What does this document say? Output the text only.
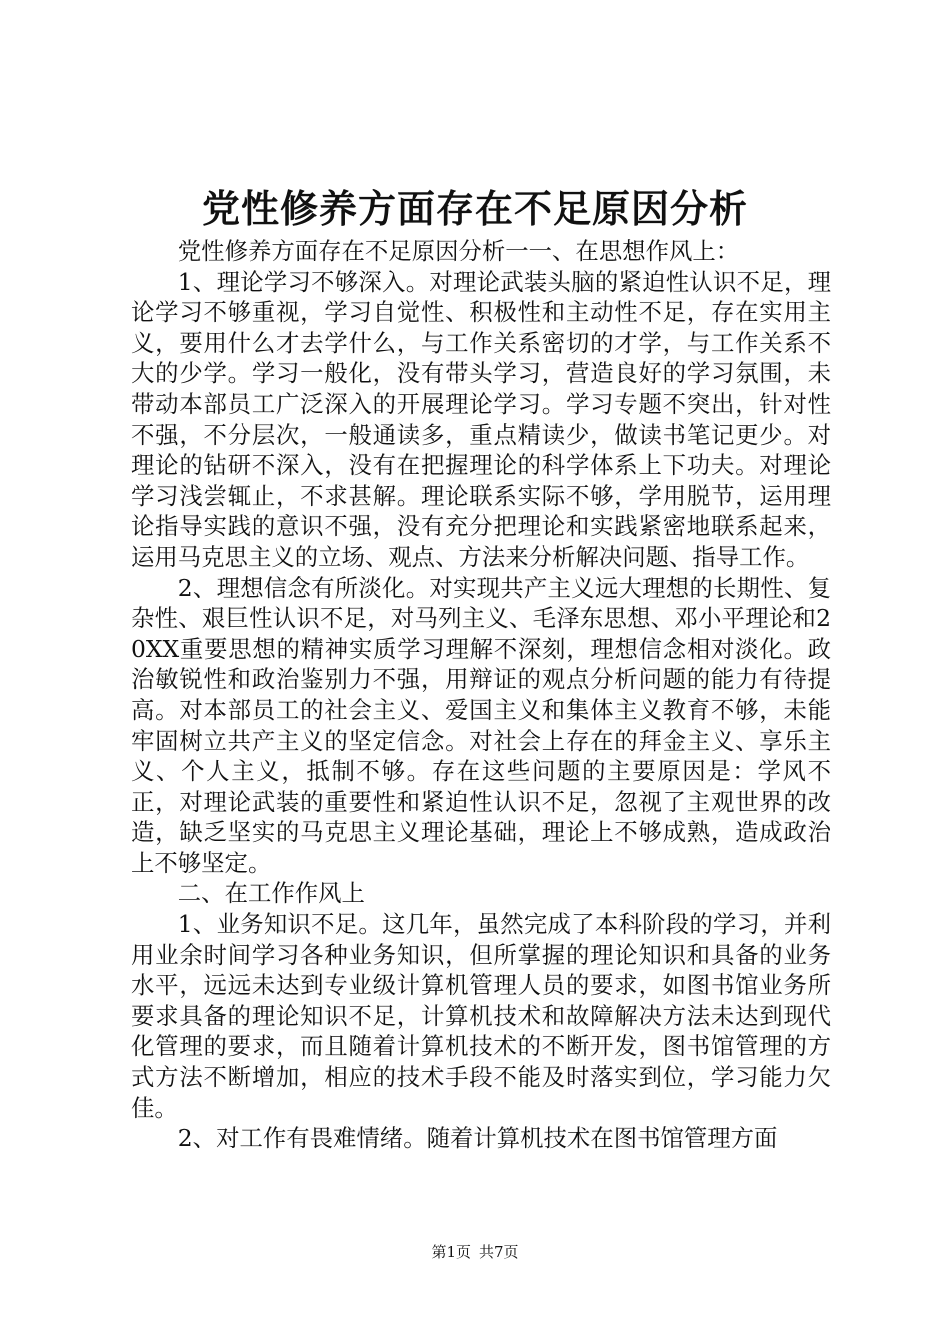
党性修养方面存在不足原因分析

党性修养方面存在不足原因分析一一、在思想作风上：

1、理论学习不够深入。对理论武装头脑的紧迫性认识不足，理论学习不够重视，学习自觉性、积极性和主动性不足，存在实用主义，要用什么才去学什么，与工作关系密切的才学，与工作关系不大的少学。学习一般化，没有带头学习，营造良好的学习氛围，未带动本部员工广泛深入的开展理论学习。学习专题不突出，针对性不强，不分层次，一般通读多，重点精读少，做读书笔记更少。对理论的钻研不深入，没有在把握理论的科学体系上下功夫。对理论学习浅尝辄止，不求甚解。理论联系实际不够，学用脱节，运用理论指导实践的意识不强，没有充分把理论和实践紧密地联系起来，运用马克思主义的立场、观点、方法来分析解决问题、指导工作。

2、理想信念有所淡化。对实现共产主义远大理想的长期性、复杂性、艰巨性认识不足，对马列主义、毛泽东思想、邓小平理论和20XX重要思想的精神实质学习理解不深刻，理想信念相对淡化。政治敏锐性和政治鉴别力不强，用辩证的观点分析问题的能力有待提高。对本部员工的社会主义、爱国主义和集体主义教育不够，未能牢固树立共产主义的坚定信念。对社会上存在的拜金主义、享乐主义、个人主义，抵制不够。存在这些问题的主要原因是：学风不正，对理论武装的重要性和紧迫性认识不足，忽视了主观世界的改造，缺乏坚实的马克思主义理论基础，理论上不够成熟，造成政治上不够坚定。

二、在工作作风上

1、业务知识不足。这几年，虽然完成了本科阶段的学习，并利用业余时间学习各种业务知识，但所掌握的理论知识和具备的业务水平，远远未达到专业级计算机管理人员的要求，如图书馆业务所要求具备的理论知识不足，计算机技术和故障解决方法未达到现代化管理的要求，而且随着计算机技术的不断开发，图书馆管理的方式方法不断增加，相应的技术手段不能及时落实到位，学习能力欠佳。

2、对工作有畏难情绪。随着计算机技术在图书馆管理方面

第1页 共7页
